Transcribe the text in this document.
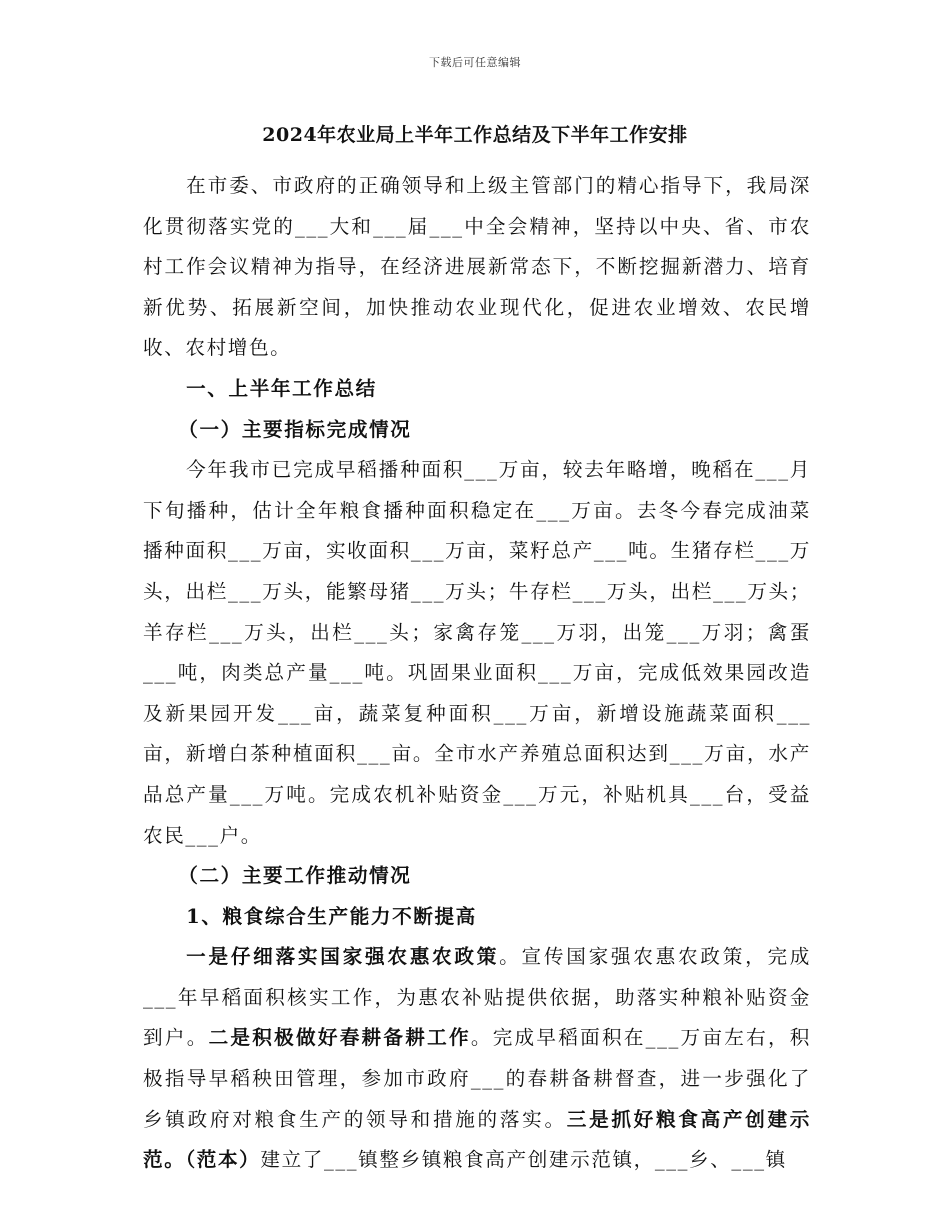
下载后可任意编辑
2024年农业局上半年工作总结及下半年工作安排

在市委、市政府的正确领导和上级主管部门的精心指导下，我局深化贯彻落实党的___大和___届___中全会精神，坚持以中央、省、市农村工作会议精神为指导，在经济进展新常态下，不断挖掘新潜力、培育新优势、拓展新空间，加快推动农业现代化，促进农业增效、农民增收、农村增色。

一、上半年工作总结

（一）主要指标完成情况

今年我市已完成早稻播种面积___万亩，较去年略增，晚稻在___月下旬播种，估计全年粮食播种面积稳定在___万亩。去冬今春完成油菜播种面积___万亩，实收面积___万亩，菜籽总产___吨。生猪存栏___万头，出栏___万头，能繁母猪___万头；牛存栏___万头，出栏___万头；羊存栏___万头，出栏___头；家禽存笼___万羽，出笼___万羽；禽蛋___吨，肉类总产量___吨。巩固果业面积___万亩，完成低效果园改造及新果园开发___亩，蔬菜复种面积___万亩，新增设施蔬菜面积___亩，新增白茶种植面积___亩。全市水产养殖总面积达到___万亩，水产品总产量___万吨。完成农机补贴资金___万元，补贴机具___台，受益农民___户。

（二）主要工作推动情况

1、粮食综合生产能力不断提高

一是仔细落实国家强农惠农政策。宣传国家强农惠农政策，完成___年早稻面积核实工作，为惠农补贴提供依据，助落实种粮补贴资金到户。二是积极做好春耕备耕工作。完成早稻面积在___万亩左右，积极指导早稻秧田管理，参加市政府___的春耕备耕督查，进一步强化了乡镇政府对粮食生产的领导和措施的落实。三是抓好粮食高产创建示范。（范本）建立了___镇整乡镇粮食高产创建示范镇，___乡、___镇
